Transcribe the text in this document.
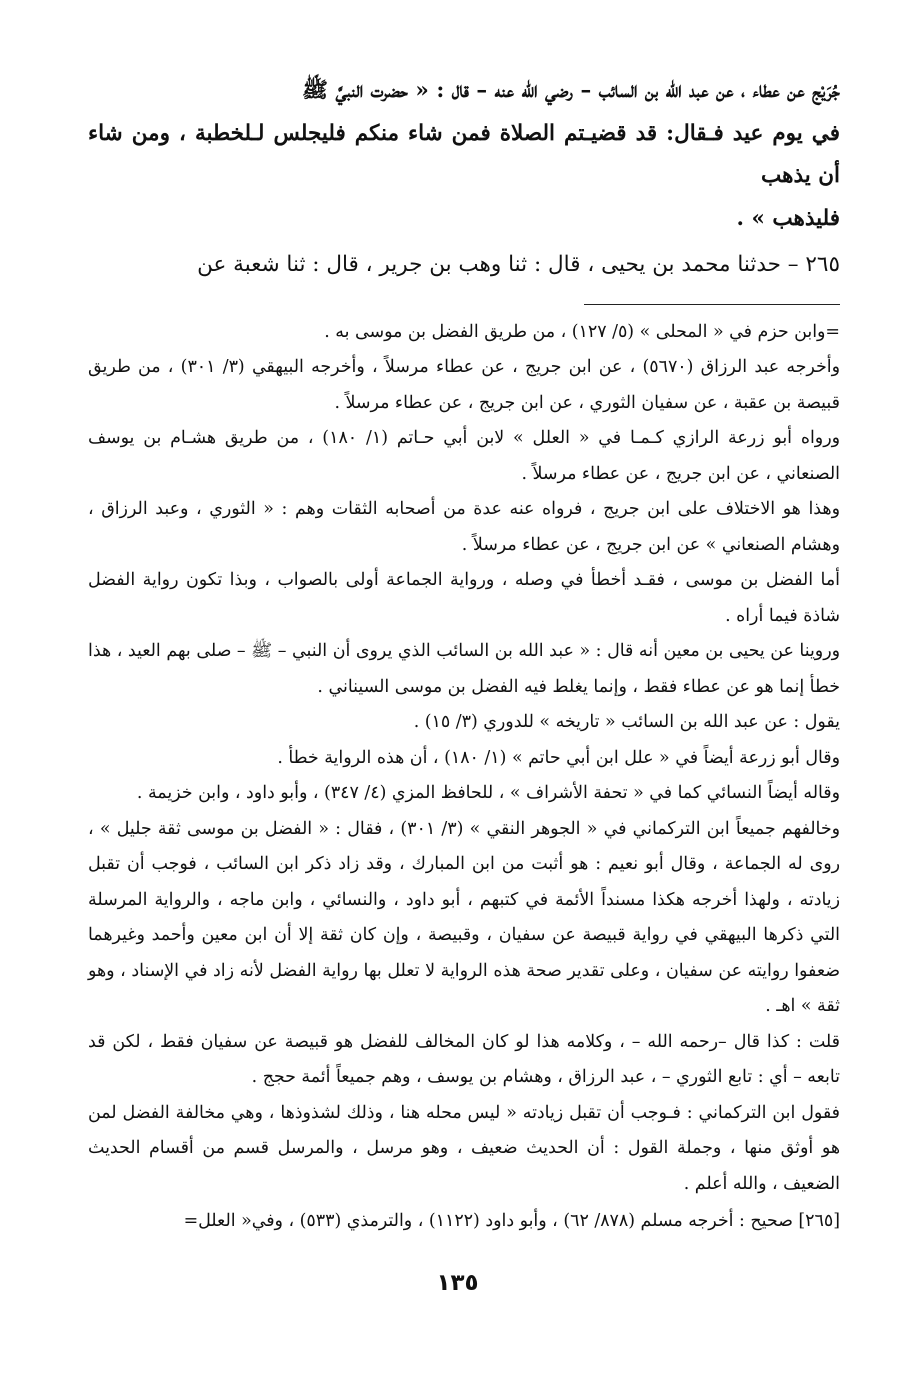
جُرَيْج عن عطاء ، عن عبد الله بن السائب – رضي الله عنه – قال : « حضرت النبيَّ ﷺ

في يوم عيد فـقال: قد قضيـتم الصلاة فمن شاء منكم فليجلس لـلخطبة ، ومن شاء أن يذهب

فليذهب » .

٢٦٥ – حدثنا محمد بن يحيى ، قال : ثنا وهب بن جرير ، قال : ثنا شعبة عن

=وابن حزم في « المحلى » (٥/ ١٢٧) ، من طريق الفضل بن موسى به .

وأخرجه عبد الرزاق (٥٦٧٠) ، عن ابن جريج ، عن عطاء مرسلاً ، وأخرجه البيهقي (٣/ ٣٠١) ، من طريق قبيصة بن عقبة ، عن سفيان الثوري ، عن ابن جريج ، عن عطاء مرسلاً .

ورواه أبو زرعة الرازي كـمـا في « العلل » لابن أبي حـاتم (١/ ١٨٠) ، من طريق هشـام بن يوسف الصنعاني ، عن ابن جريج ، عن عطاء مرسلاً .

وهذا هو الاختلاف على ابن جريج ، فرواه عنه عدة من أصحابه الثقات وهم : « الثوري ، وعبد الرزاق ، وهشام الصنعاني » عن ابن جريج ، عن عطاء مرسلاً .

أما الفضل بن موسى ، فقـد أخطأ في وصله ، ورواية الجماعة أولى بالصواب ، وبذا تكون رواية الفضل شاذة فيما أراه .

وروينا عن يحيى بن معين أنه قال : « عبد الله بن السائب الذي يروى أن النبي – ﷺ – صلى بهم العيد ، هذا خطأ إنما هو عن عطاء فقط ، وإنما يغلط فيه الفضل بن موسى السيناني .

يقول : عن عبد الله بن السائب « تاريخه » للدوري (٣/ ١٥) .

وقال أبو زرعة أيضاً في « علل ابن أبي حاتم » (١/ ١٨٠) ، أن هذه الرواية خطأ .

وقاله أيضاً النسائي كما في « تحفة الأشراف » ، للحافظ المزي (٤/ ٣٤٧) ، وأبو داود ، وابن خزيمة .

وخالفهم جميعاً ابن التركماني في « الجوهر النقي » (٣/ ٣٠١) ، فقال : « الفضل بن موسى ثقة جليل » ، روى له الجماعة ، وقال أبو نعيم : هو أثبت من ابن المبارك ، وقد زاد ذكر ابن السائب ، فوجب أن تقبل زيادته ، ولهذا أخرجه هكذا مسنداً الأئمة في كتبهم ، أبو داود ، والنسائي ، وابن ماجه ، والرواية المرسلة التي ذكرها البيهقي في رواية قبيصة عن سفيان ، وقبيصة ، وإن كان ثقة إلا أن ابن معين وأحمد وغيرهما ضعفوا روايته عن سفيان ، وعلى تقدير صحة هذه الرواية لا تعلل بها رواية الفضل لأنه زاد في الإسناد ، وهو ثقة » اهـ .

قلت : كذا قال –رحمه الله – ، وكلامه هذا لو كان المخالف للفضل هو قبيصة عن سفيان فقط ، لكن قد تابعه – أي : تابع الثوري – ، عبد الرزاق ، وهشام بن يوسف ، وهم جميعاً أئمة حجج .

فقول ابن التركماني : فـوجب أن تقبل زيادته « ليس محله هنا ، وذلك لشذوذها ، وهي مخالفة الفضل لمن هو أوثق منها ، وجملة القول : أن الحديث ضعيف ، وهو مرسل ، والمرسل قسم من أقسام الحديث الضعيف ، والله أعلم .

[٢٦٥] صحيح : أخرجه مسلم (٨٧٨/ ٦٢) ، وأبو داود (١١٢٢) ، والترمذي (٥٣٣) ، وفي« العلل=

١٣٥
